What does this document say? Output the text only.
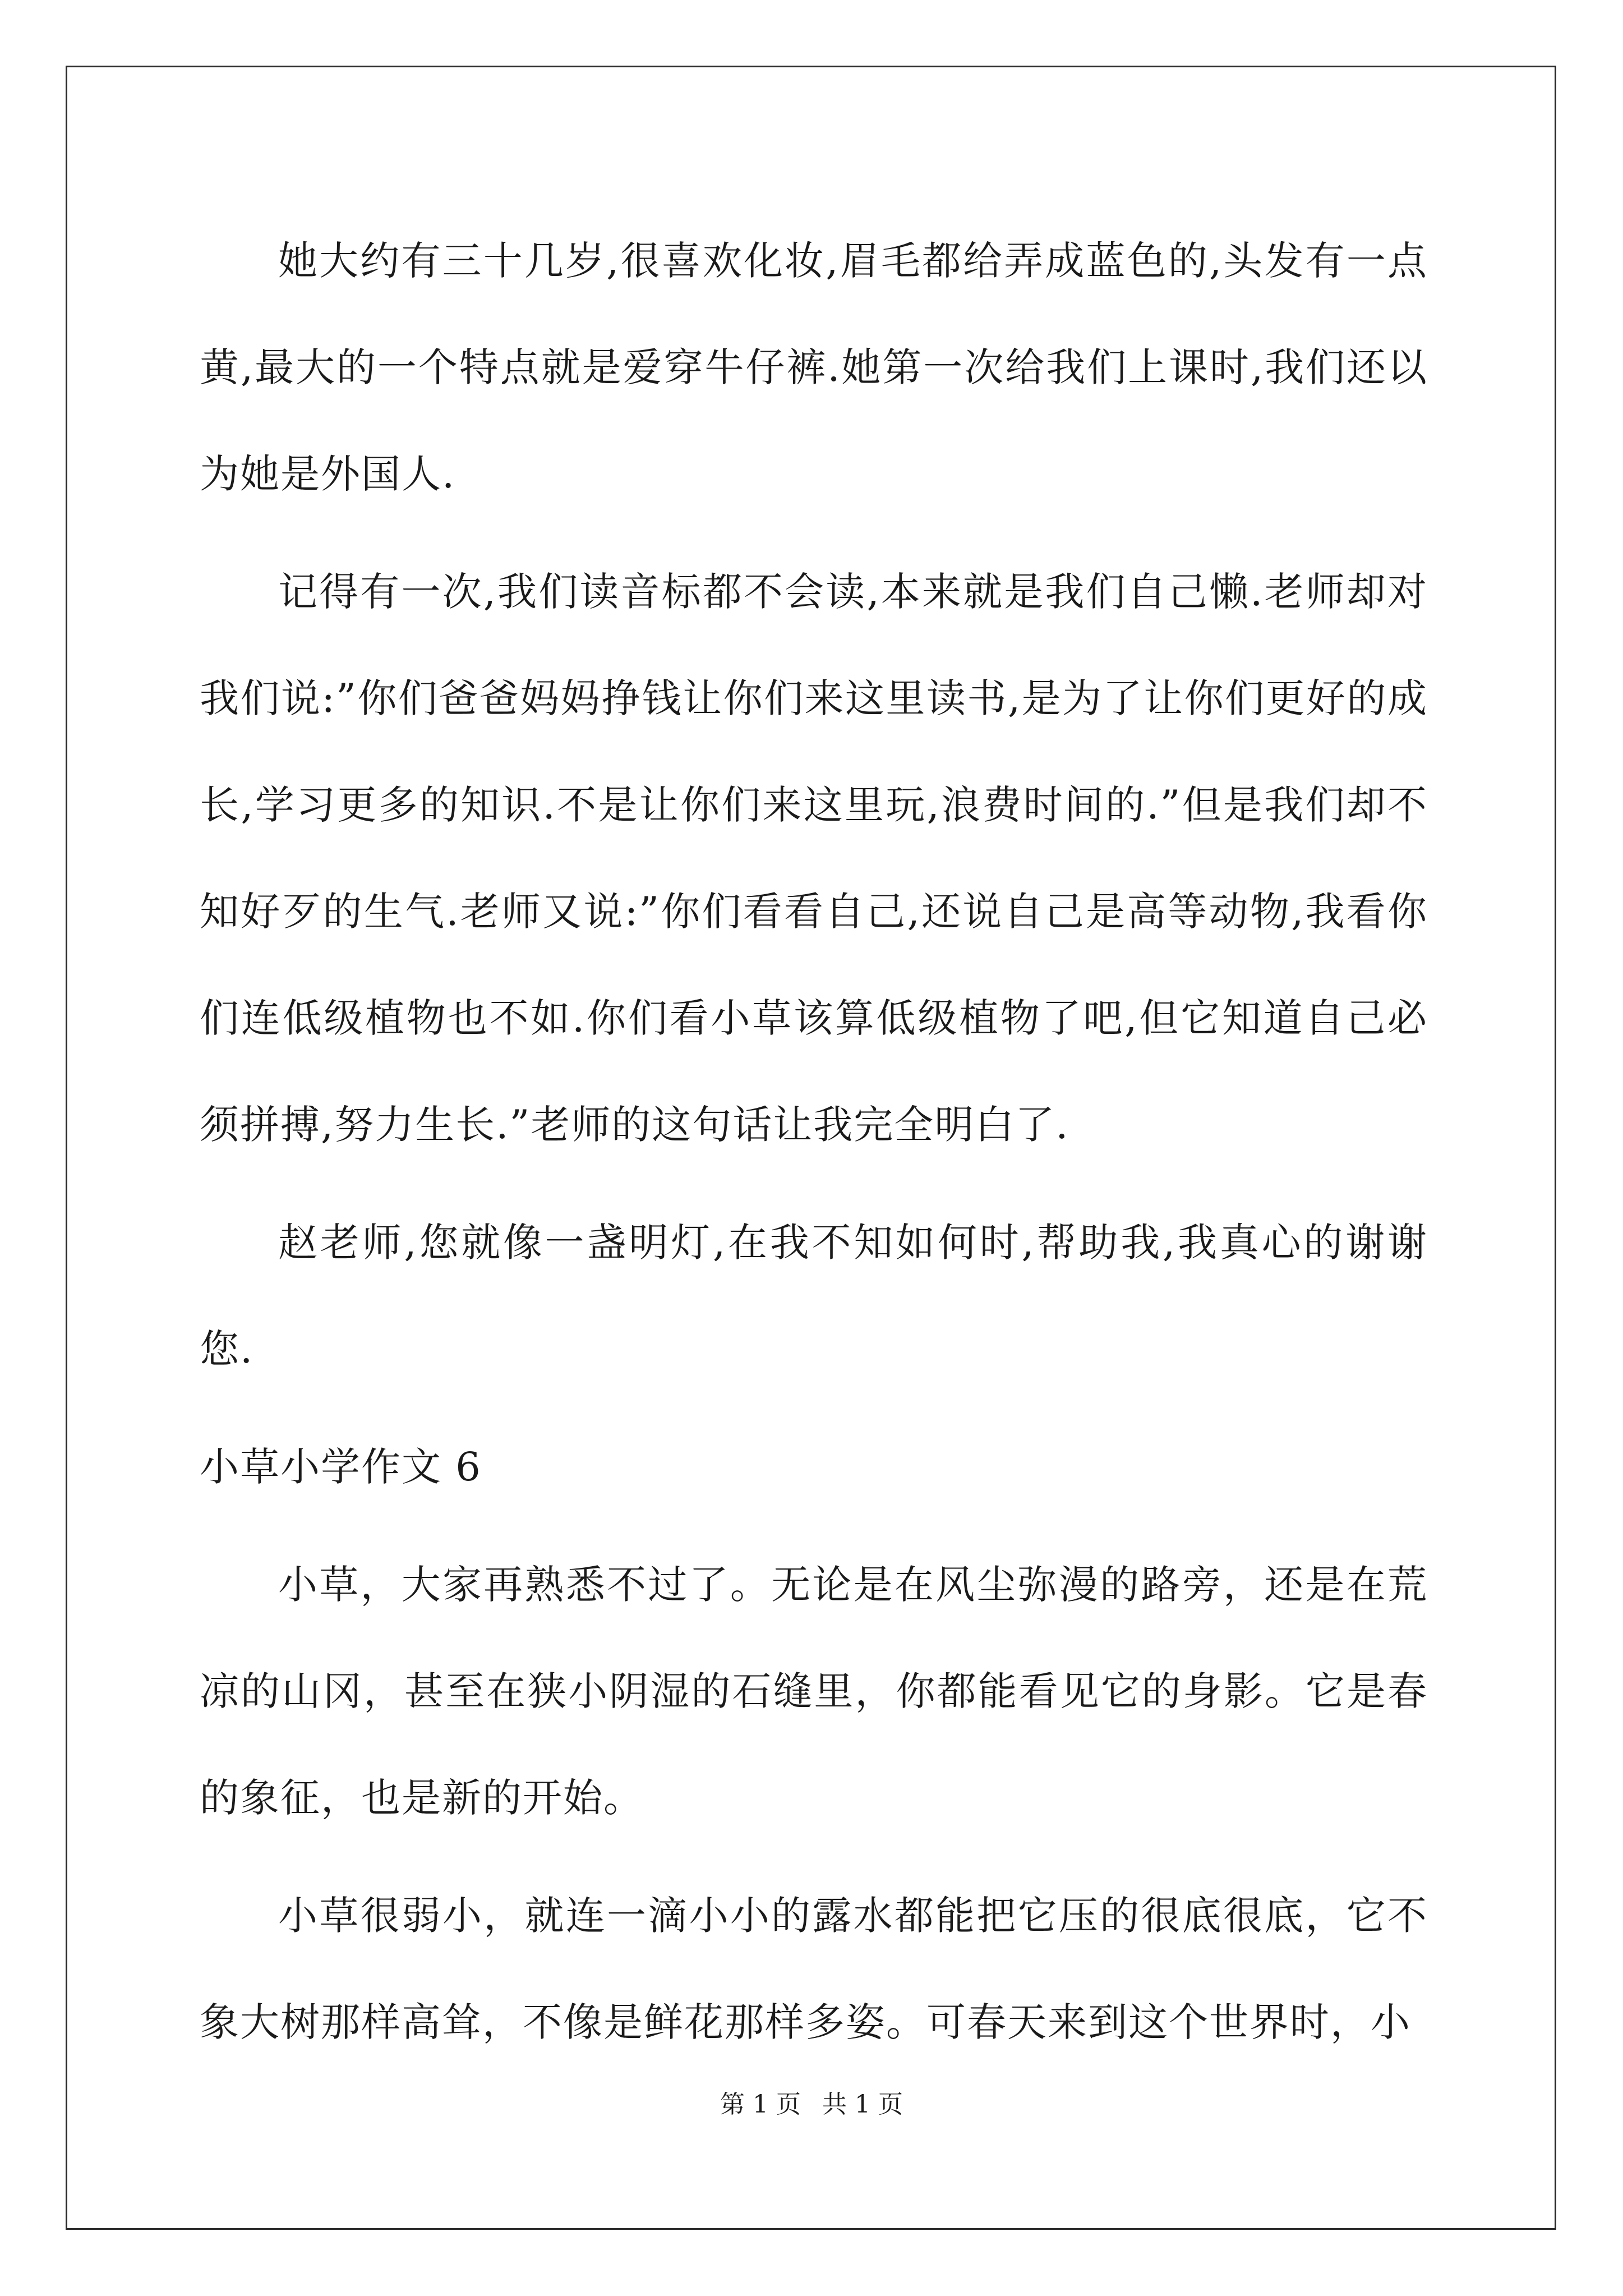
她大约有三十几岁,很喜欢化妆,眉毛都给弄成蓝色的,头发有一点黄,最大的一个特点就是爱穿牛仔裤.她第一次给我们上课时,我们还以为她是外国人.

记得有一次,我们读音标都不会读,本来就是我们自己懒.老师却对我们说:”你们爸爸妈妈挣钱让你们来这里读书,是为了让你们更好的成长,学习更多的知识.不是让你们来这里玩,浪费时间的.”但是我们却不知好歹的生气.老师又说:”你们看看自己,还说自己是高等动物,我看你们连低级植物也不如.你们看小草该算低级植物了吧,但它知道自己必须拼搏,努力生长.”老师的这句话让我完全明白了.

赵老师,您就像一盏明灯,在我不知如何时,帮助我,我真心的谢谢您.

小草小学作文 6

小草，大家再熟悉不过了。无论是在风尘弥漫的路旁，还是在荒凉的山冈，甚至在狭小阴湿的石缝里，你都能看见它的身影。它是春的象征，也是新的开始。

小草很弱小，就连一滴小小的露水都能把它压的很底很底，它不象大树那样高耸，不像是鲜花那样多姿。可春天来到这个世界时，小

第 1 页 共 1 页
